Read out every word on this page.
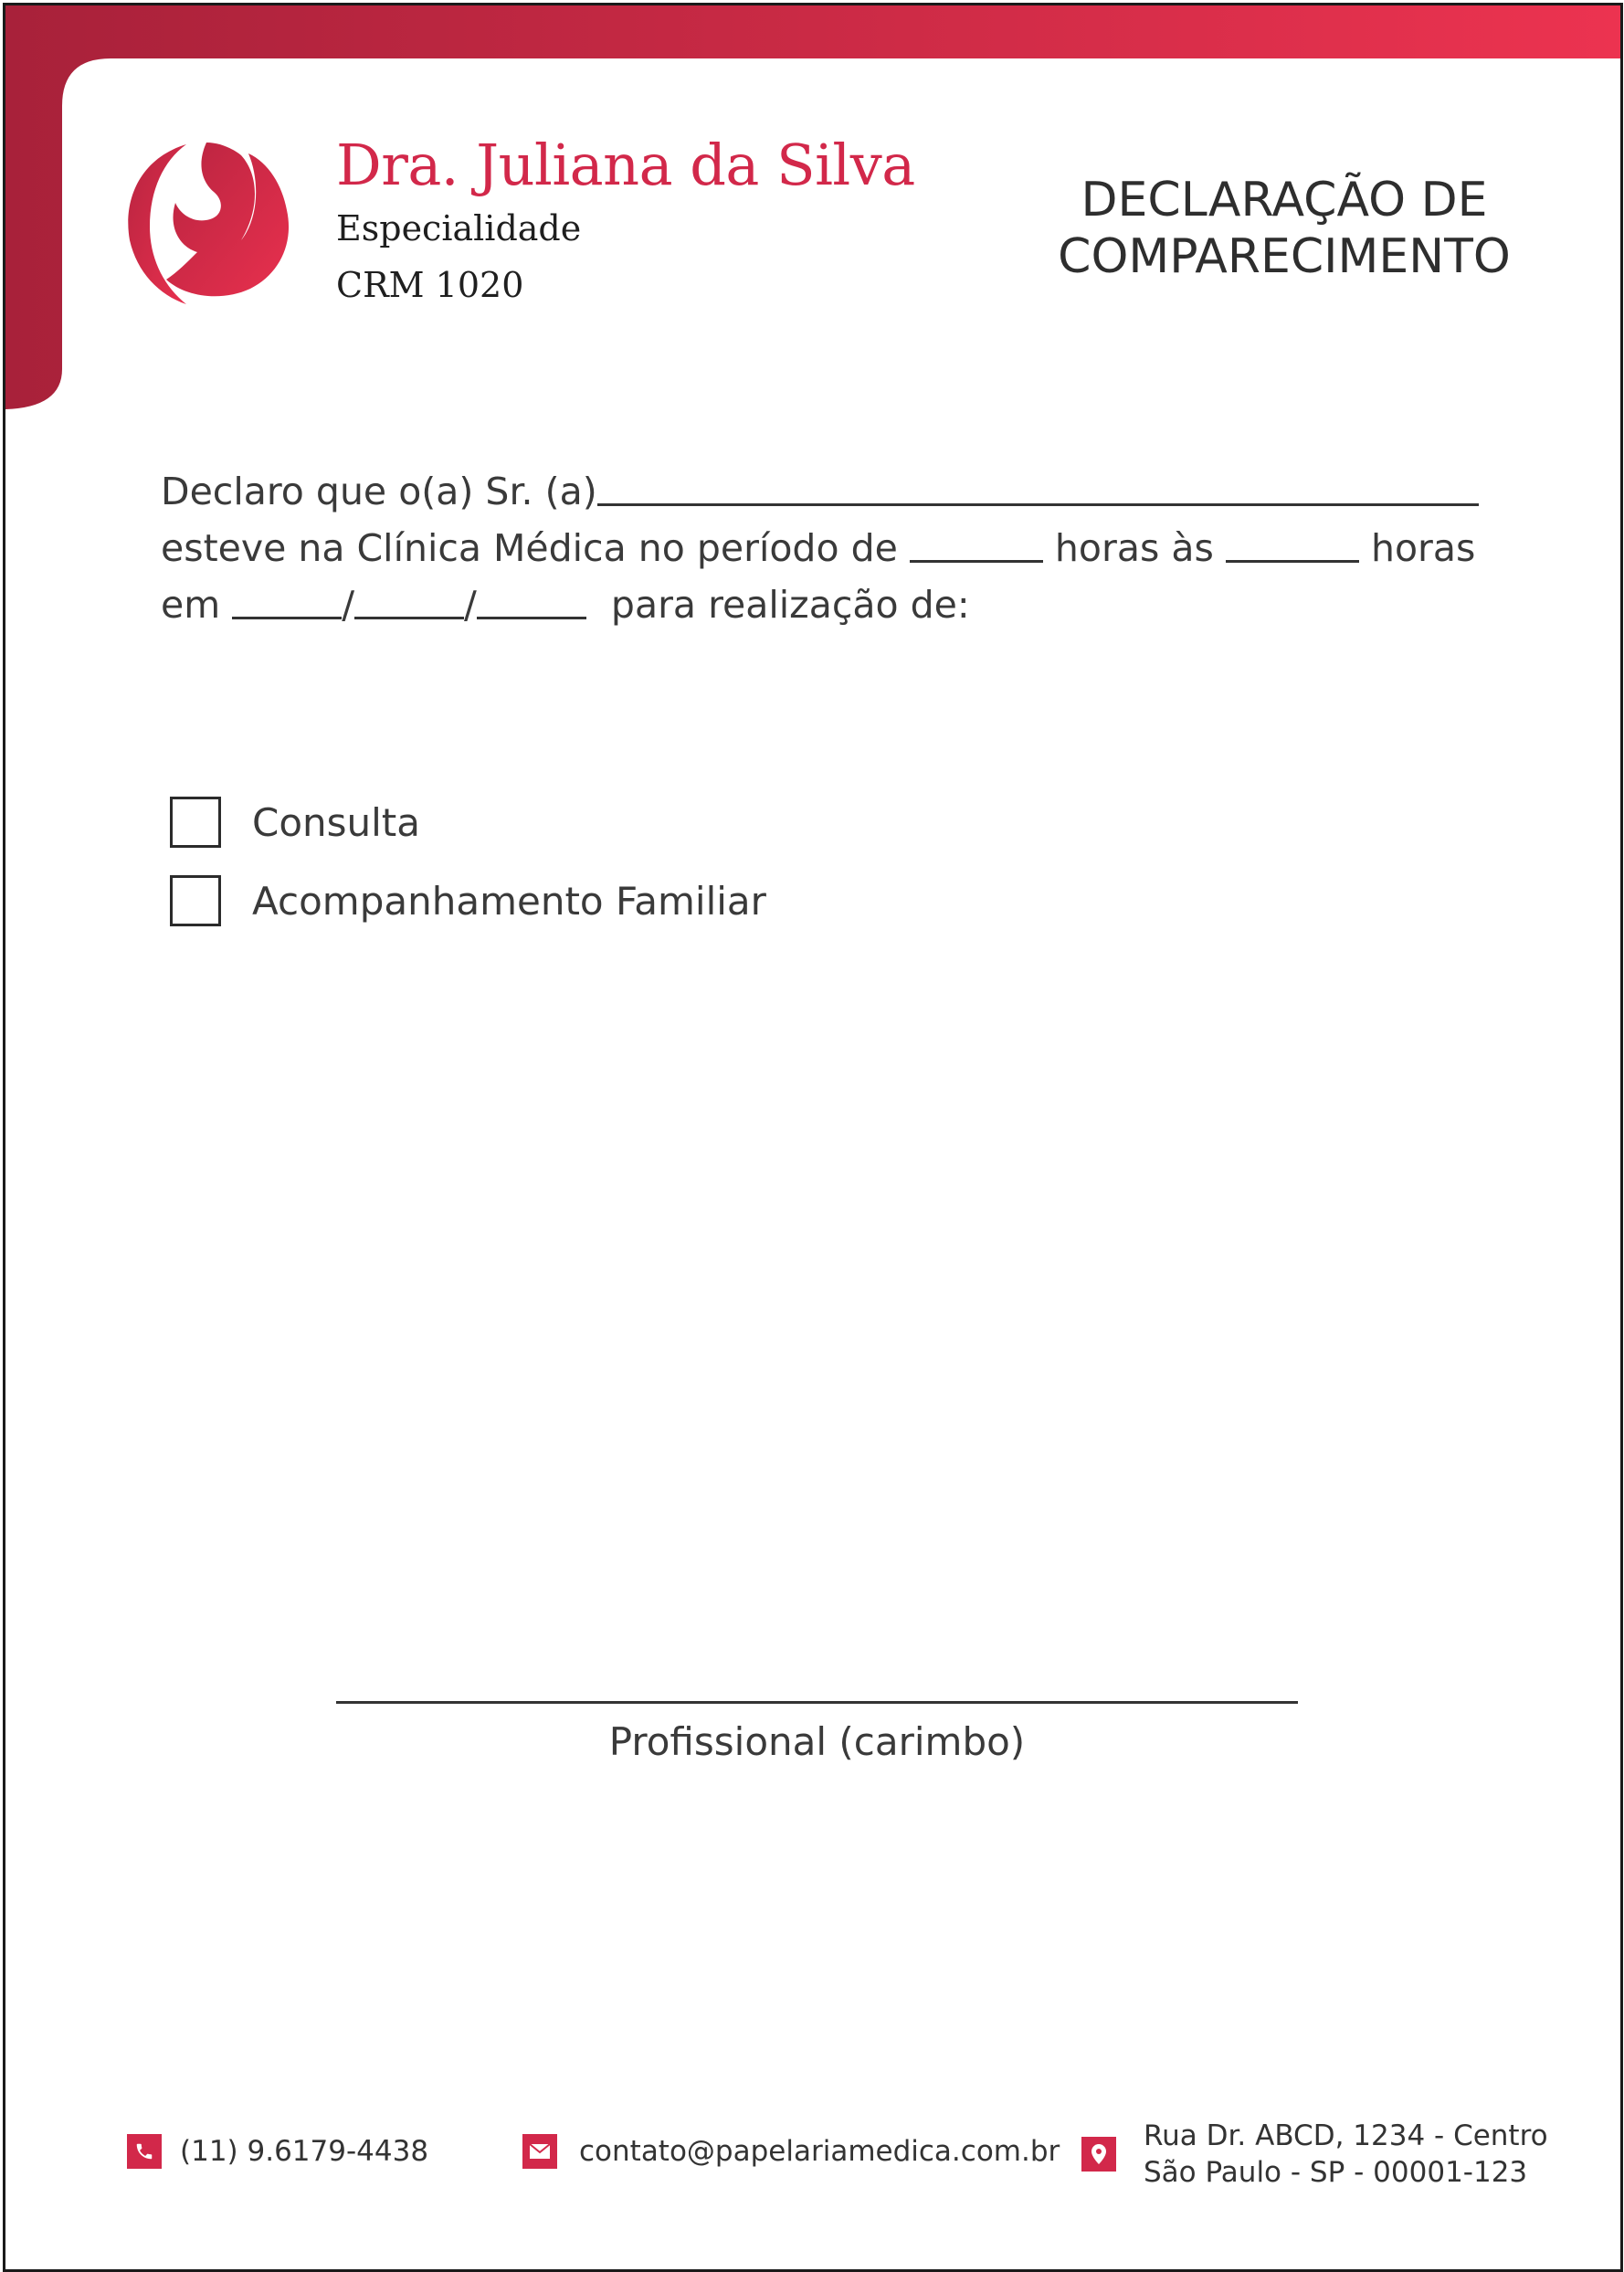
Dra. Juliana da Silva
Especialidade
CRM 1020
DECLARAÇÃO DE
COMPARECIMENTO
Declaro que o(a) Sr. (a)
esteve na Clínica Médica no período de	horas às	horas
em	/	/	para realização de:
Consulta
Acompanhamento Familiar
Profissional (carimbo)
(11) 9.6179-4438	contato@papelariamedica.com.br	Rua Dr. ABCD, 1234 - Centro
São Paulo - SP - 00001-123
